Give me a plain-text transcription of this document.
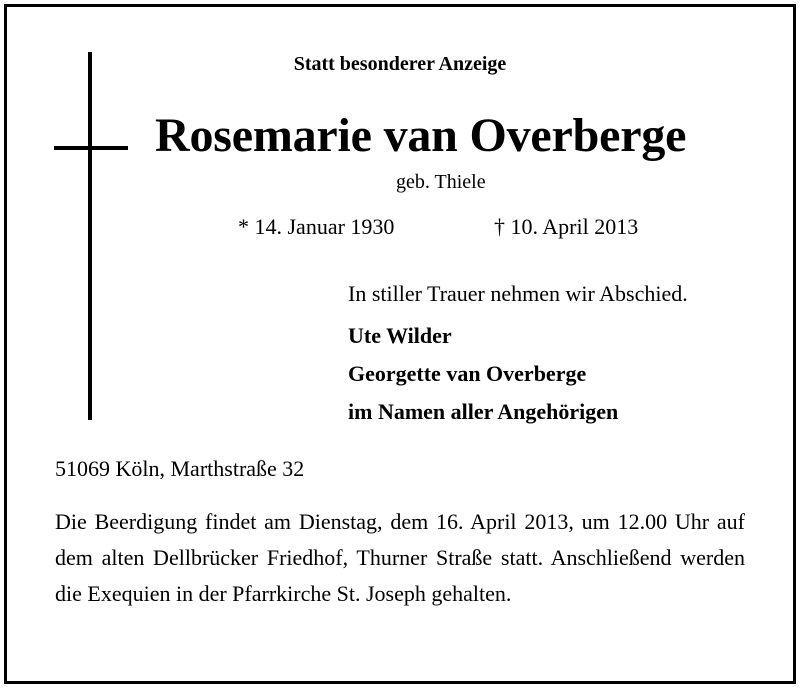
Statt besonderer Anzeige
Rosemarie van Overberge
geb. Thiele
* 14. Januar 1930	† 10. April 2013
In stiller Trauer nehmen wir Abschied.
Ute Wilder
Georgette van Overberge
im Namen aller Angehörigen
51069 Köln, Marthstraße 32
Die Beerdigung findet am Dienstag, dem 16. April 2013, um 12.00 Uhr auf dem alten Dellbrücker Friedhof, Thurner Straße statt. Anschließend werden die Exequien in der Pfarrkirche St. Joseph gehalten.
